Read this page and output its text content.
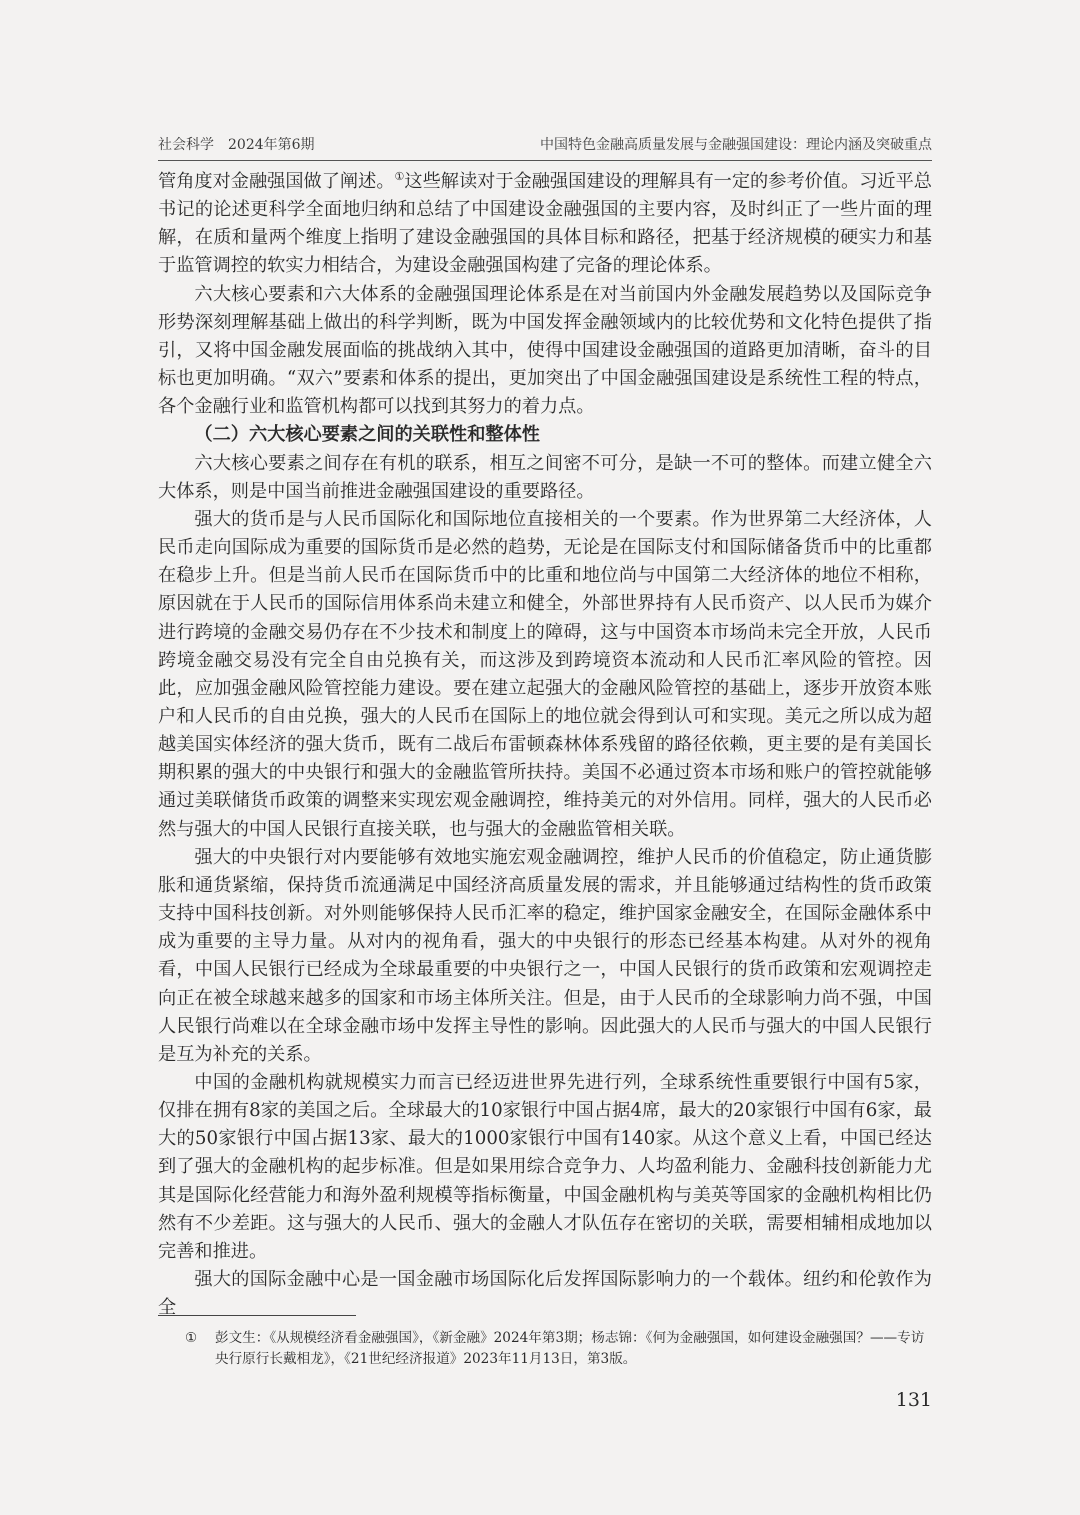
社会科学　2024年第6期	中国特色金融高质量发展与金融强国建设：理论内涵及突破重点

管角度对金融强国做了阐述。①这些解读对于金融强国建设的理解具有一定的参考价值。习近平总书记的论述更科学全面地归纳和总结了中国建设金融强国的主要内容，及时纠正了一些片面的理解，在质和量两个维度上指明了建设金融强国的具体目标和路径，把基于经济规模的硬实力和基于监管调控的软实力相结合，为建设金融强国构建了完备的理论体系。

六大核心要素和六大体系的金融强国理论体系是在对当前国内外金融发展趋势以及国际竞争形势深刻理解基础上做出的科学判断，既为中国发挥金融领域内的比较优势和文化特色提供了指引，又将中国金融发展面临的挑战纳入其中，使得中国建设金融强国的道路更加清晰，奋斗的目标也更加明确。“双六”要素和体系的提出，更加突出了中国金融强国建设是系统性工程的特点，各个金融行业和监管机构都可以找到其努力的着力点。

（二）六大核心要素之间的关联性和整体性

六大核心要素之间存在有机的联系，相互之间密不可分，是缺一不可的整体。而建立健全六大体系，则是中国当前推进金融强国建设的重要路径。

强大的货币是与人民币国际化和国际地位直接相关的一个要素。作为世界第二大经济体，人民币走向国际成为重要的国际货币是必然的趋势，无论是在国际支付和国际储备货币中的比重都在稳步上升。但是当前人民币在国际货币中的比重和地位尚与中国第二大经济体的地位不相称，原因就在于人民币的国际信用体系尚未建立和健全，外部世界持有人民币资产、以人民币为媒介进行跨境的金融交易仍存在不少技术和制度上的障碍，这与中国资本市场尚未完全开放，人民币跨境金融交易没有完全自由兑换有关，而这涉及到跨境资本流动和人民币汇率风险的管控。因此，应加强金融风险管控能力建设。要在建立起强大的金融风险管控的基础上，逐步开放资本账户和人民币的自由兑换，强大的人民币在国际上的地位就会得到认可和实现。美元之所以成为超越美国实体经济的强大货币，既有二战后布雷顿森林体系残留的路径依赖，更主要的是有美国长期积累的强大的中央银行和强大的金融监管所扶持。美国不必通过资本市场和账户的管控就能够通过美联储货币政策的调整来实现宏观金融调控，维持美元的对外信用。同样，强大的人民币必然与强大的中国人民银行直接关联，也与强大的金融监管相关联。

强大的中央银行对内要能够有效地实施宏观金融调控，维护人民币的价值稳定，防止通货膨胀和通货紧缩，保持货币流通满足中国经济高质量发展的需求，并且能够通过结构性的货币政策支持中国科技创新。对外则能够保持人民币汇率的稳定，维护国家金融安全，在国际金融体系中成为重要的主导力量。从对内的视角看，强大的中央银行的形态已经基本构建。从对外的视角看，中国人民银行已经成为全球最重要的中央银行之一，中国人民银行的货币政策和宏观调控走向正在被全球越来越多的国家和市场主体所关注。但是，由于人民币的全球影响力尚不强，中国人民银行尚难以在全球金融市场中发挥主导性的影响。因此强大的人民币与强大的中国人民银行是互为补充的关系。

中国的金融机构就规模实力而言已经迈进世界先进行列，全球系统性重要银行中国有5家，仅排在拥有8家的美国之后。全球最大的10家银行中国占据4席，最大的20家银行中国有6家，最大的50家银行中国占据13家、最大的1000家银行中国有140家。从这个意义上看，中国已经达到了强大的金融机构的起步标准。但是如果用综合竞争力、人均盈利能力、金融科技创新能力尤其是国际化经营能力和海外盈利规模等指标衡量，中国金融机构与美英等国家的金融机构相比仍然有不少差距。这与强大的人民币、强大的金融人才队伍存在密切的关联，需要相辅相成地加以完善和推进。

强大的国际金融中心是一国金融市场国际化后发挥国际影响力的一个载体。纽约和伦敦作为全

①	彭文生：《从规模经济看金融强国》，《新金融》2024年第3期；杨志锦：《何为金融强国，如何建设金融强国？——专访央行原行长戴相龙》，《21世纪经济报道》2023年11月13日，第3版。
131
